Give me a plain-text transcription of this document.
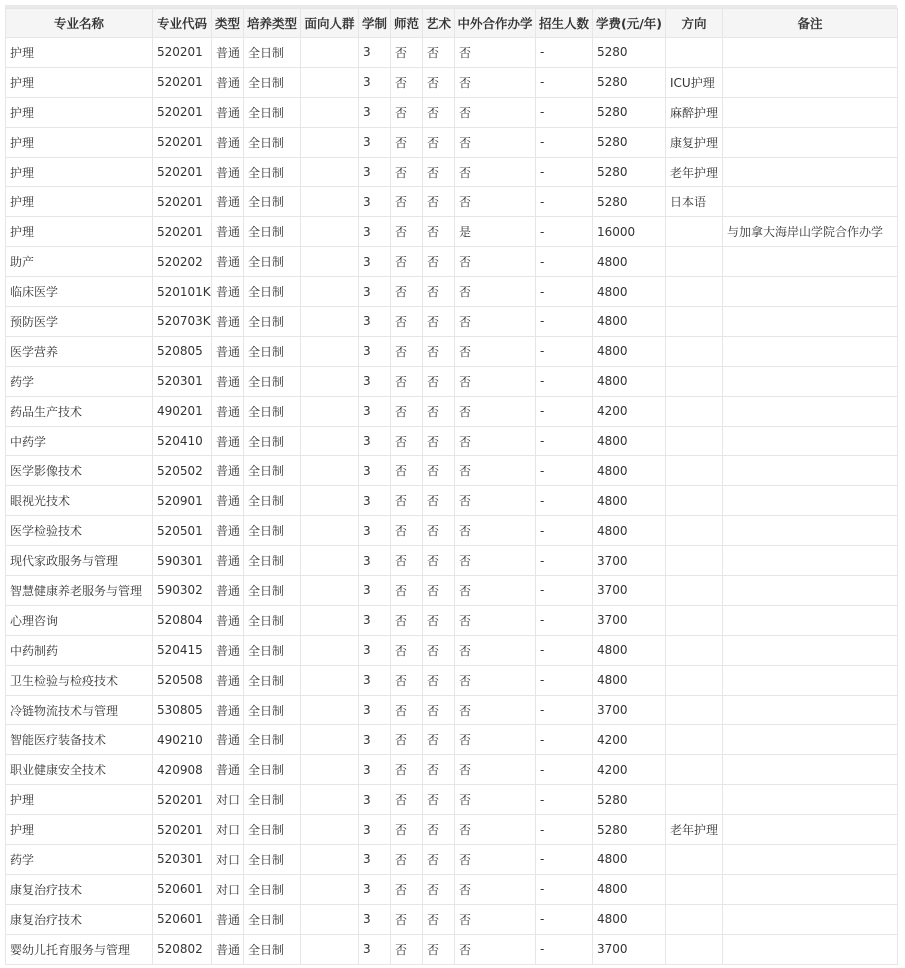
专业名称	专业代码	类型	培养类型	面向人群	学制	师范	艺术	中外合作办学	招生人数	学费(元/年)	方向	备注
护理	520201	普通	全日制		3	否	否	否	-	5280		
护理	520201	普通	全日制		3	否	否	否	-	5280	ICU护理	
护理	520201	普通	全日制		3	否	否	否	-	5280	麻醉护理	
护理	520201	普通	全日制		3	否	否	否	-	5280	康复护理	
护理	520201	普通	全日制		3	否	否	否	-	5280	老年护理	
护理	520201	普通	全日制		3	否	否	否	-	5280	日本语	
护理	520201	普通	全日制		3	否	否	是	-	16000		与加拿大海岸山学院合作办学
助产	520202	普通	全日制		3	否	否	否	-	4800		
临床医学	520101K	普通	全日制		3	否	否	否	-	4800		
预防医学	520703K	普通	全日制		3	否	否	否	-	4800		
医学营养	520805	普通	全日制		3	否	否	否	-	4800		
药学	520301	普通	全日制		3	否	否	否	-	4800		
药品生产技术	490201	普通	全日制		3	否	否	否	-	4200		
中药学	520410	普通	全日制		3	否	否	否	-	4800		
医学影像技术	520502	普通	全日制		3	否	否	否	-	4800		
眼视光技术	520901	普通	全日制		3	否	否	否	-	4800		
医学检验技术	520501	普通	全日制		3	否	否	否	-	4800		
现代家政服务与管理	590301	普通	全日制		3	否	否	否	-	3700		
智慧健康养老服务与管理	590302	普通	全日制		3	否	否	否	-	3700		
心理咨询	520804	普通	全日制		3	否	否	否	-	3700		
中药制药	520415	普通	全日制		3	否	否	否	-	4800		
卫生检验与检疫技术	520508	普通	全日制		3	否	否	否	-	4800		
冷链物流技术与管理	530805	普通	全日制		3	否	否	否	-	3700		
智能医疗装备技术	490210	普通	全日制		3	否	否	否	-	4200		
职业健康安全技术	420908	普通	全日制		3	否	否	否	-	4200		
护理	520201	对口	全日制		3	否	否	否	-	5280		
护理	520201	对口	全日制		3	否	否	否	-	5280	老年护理	
药学	520301	对口	全日制		3	否	否	否	-	4800		
康复治疗技术	520601	对口	全日制		3	否	否	否	-	4800		
康复治疗技术	520601	普通	全日制		3	否	否	否	-	4800		
婴幼儿托育服务与管理	520802	普通	全日制		3	否	否	否	-	3700		
